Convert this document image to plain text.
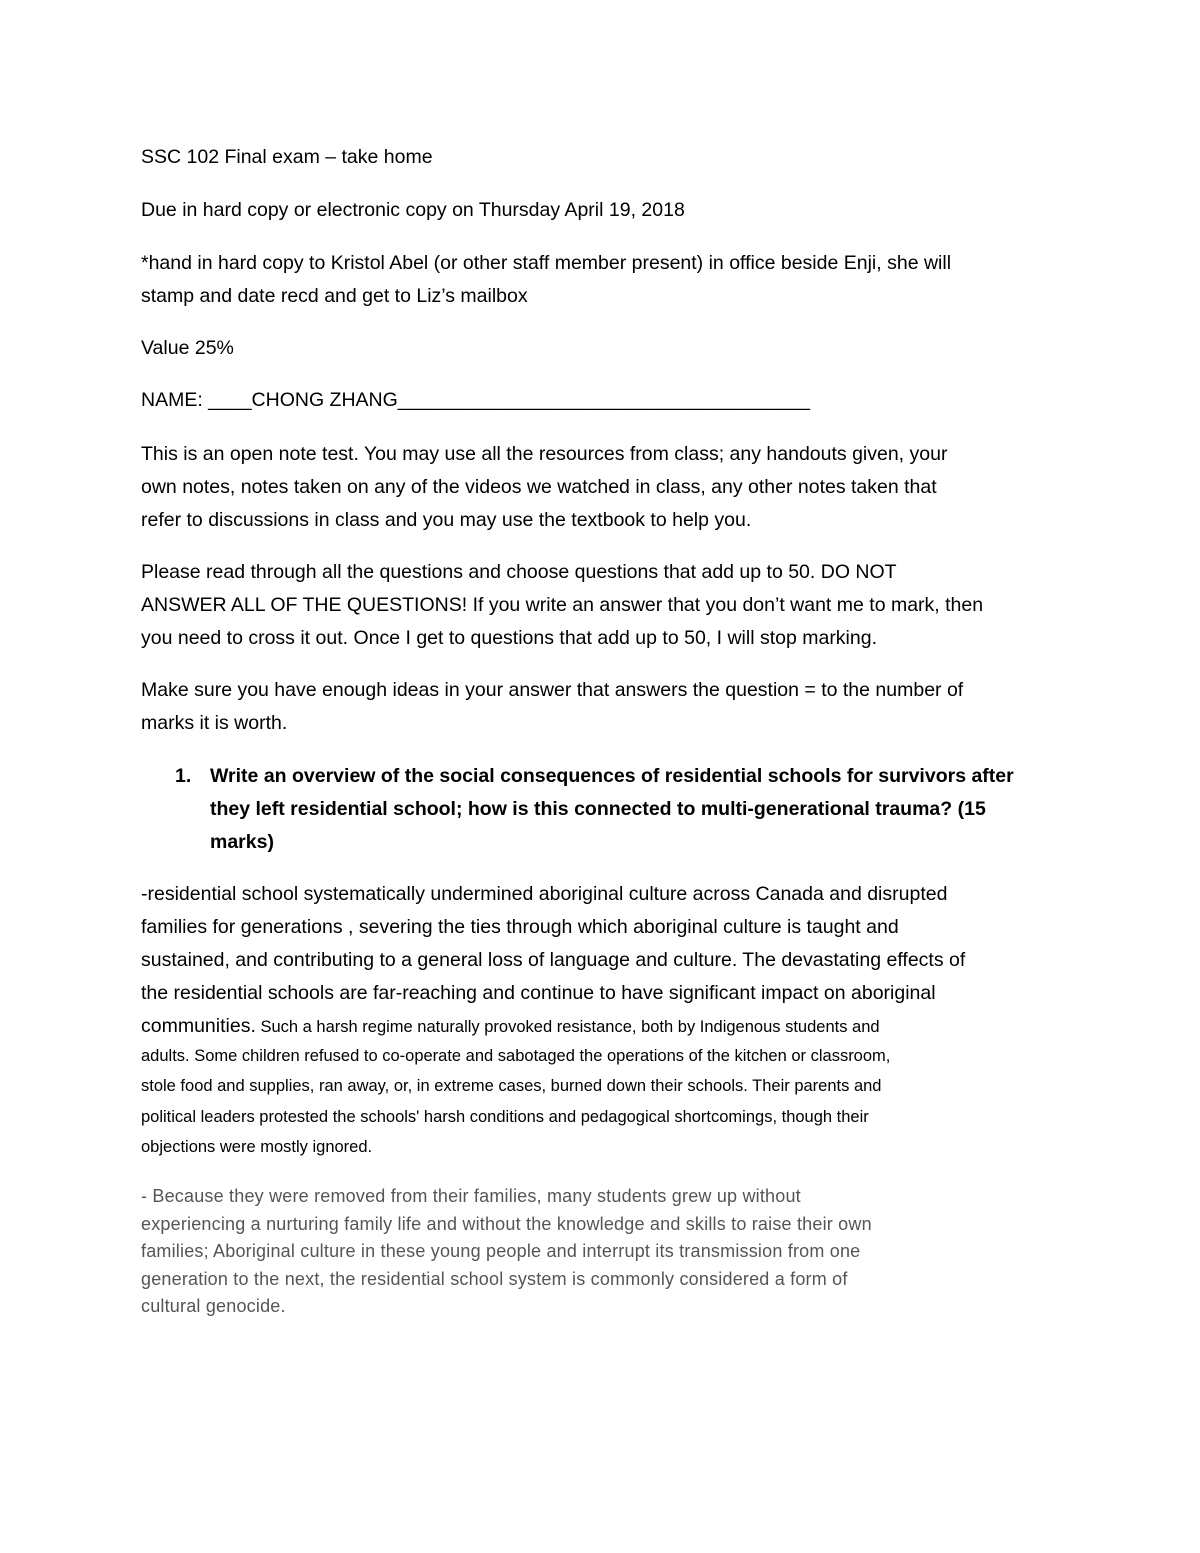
SSC 102 Final exam – take home

Due in hard copy or electronic copy on Thursday April 19, 2018

*hand in hard copy to Kristol Abel (or other staff member present) in office beside Enji, she will

stamp and date recd and get to Liz’s mailbox

Value 25%

NAME: ____CHONG ZHANG______________________________________

This is an open note test. You may use all the resources from class; any handouts given, your

own notes, notes taken on any of the videos we watched in class, any other notes taken that

refer to discussions in class and you may use the textbook to help you.

Please read through all the questions and choose questions that add up to 50. DO NOT

ANSWER ALL OF THE QUESTIONS! If you write an answer that you don’t want me to mark, then

you need to cross it out. Once I get to questions that add up to 50, I will stop marking.

Make sure you have enough ideas in your answer that answers the question = to the number of

marks it is worth.

1. Write an overview of the social consequences of residential schools for survivors after

they left residential school; how is this connected to multi-generational trauma? (15

marks)

-residential school systematically undermined aboriginal culture across Canada and disrupted

families for generations , severing the ties through which aboriginal culture is taught and

sustained, and contributing to a general loss of language and culture. The devastating effects of

the residential schools are far-reaching and continue to have significant impact on aboriginal

communities. Such a harsh regime naturally provoked resistance, both by Indigenous students and

adults. Some children refused to co-operate and sabotaged the operations of the kitchen or classroom,

stole food and supplies, ran away, or, in extreme cases, burned down their schools. Their parents and

political leaders protested the schools' harsh conditions and pedagogical shortcomings, though their

objections were mostly ignored.

- Because they were removed from their families, many students grew up without

experiencing a nurturing family life and without the knowledge and skills to raise their own

families; Aboriginal culture in these young people and interrupt its transmission from one

generation to the next, the residential school system is commonly considered a form of

cultural genocide.
